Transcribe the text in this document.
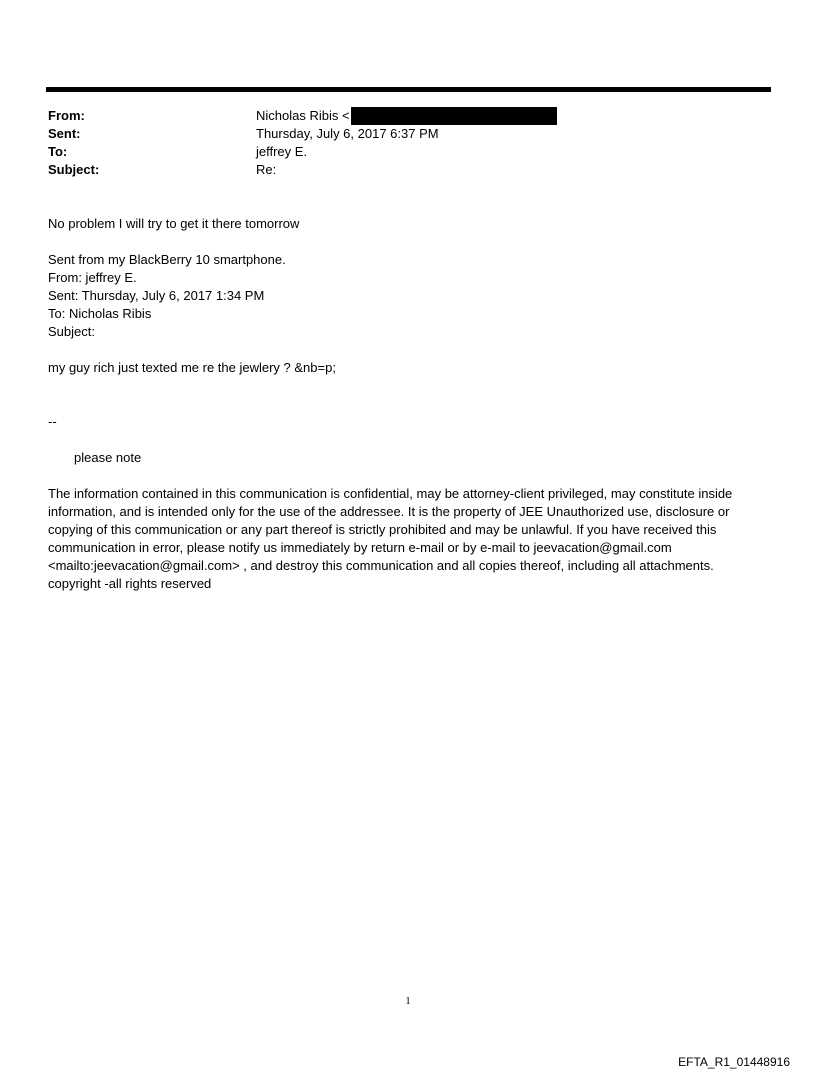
From:	Nicholas Ribis <
Sent:	Thursday, July 6, 2017 6:37 PM
To:	jeffrey E.
Subject:	Re:
No problem I will try to get it there tomorrow
Sent from my BlackBerry 10 smartphone.
From: jeffrey E.
Sent: Thursday, July 6, 2017 1:34 PM
To: Nicholas Ribis
Subject:
my guy rich just texted me re the jewlery ? &nb=p;
--
please note
The information contained in this communication is confidential, may be attorney-client privileged, may constitute inside information, and is intended only for the use of the addressee. It is the property of JEE Unauthorized use, disclosure or copying of this communication or any part thereof is strictly prohibited and may be unlawful. If you have received this communication in error, please notify us immediately by return e-mail or by e-mail to jeevacation@gmail.com <mailto:jeevacation@gmail.com> , and destroy this communication and all copies thereof, including all attachments. copyright -all rights reserved
1
EFTA_R1_01448916
